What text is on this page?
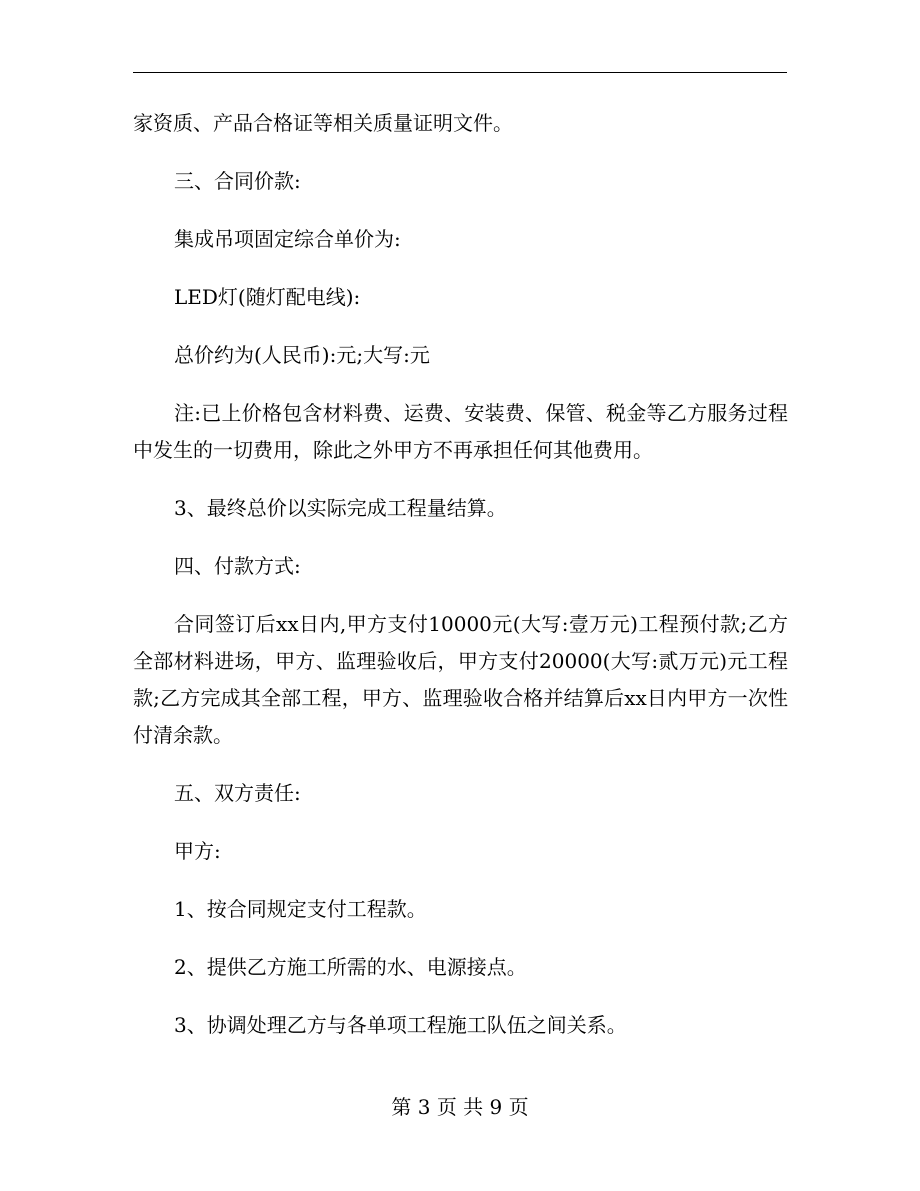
家资质、产品合格证等相关质量证明文件。

三、合同价款:

集成吊项固定综合单价为:

LED灯(随灯配电线):

总价约为(人民币):元;大写:元

注:已上价格包含材料费、运费、安装费、保管、税金等乙方服务过程中发生的一切费用，除此之外甲方不再承担任何其他费用。

3、最终总价以实际完成工程量结算。

四、付款方式:

合同签订后xx日内,甲方支付10000元(大写:壹万元)工程预付款;乙方全部材料进场，甲方、监理验收后，甲方支付20000(大写:贰万元)元工程款;乙方完成其全部工程，甲方、监理验收合格并结算后xx日内甲方一次性付清余款。

五、双方责任:

甲方:

1、按合同规定支付工程款。

2、提供乙方施工所需的水、电源接点。

3、协调处理乙方与各单项工程施工队伍之间关系。

第 3 页 共 9 页
